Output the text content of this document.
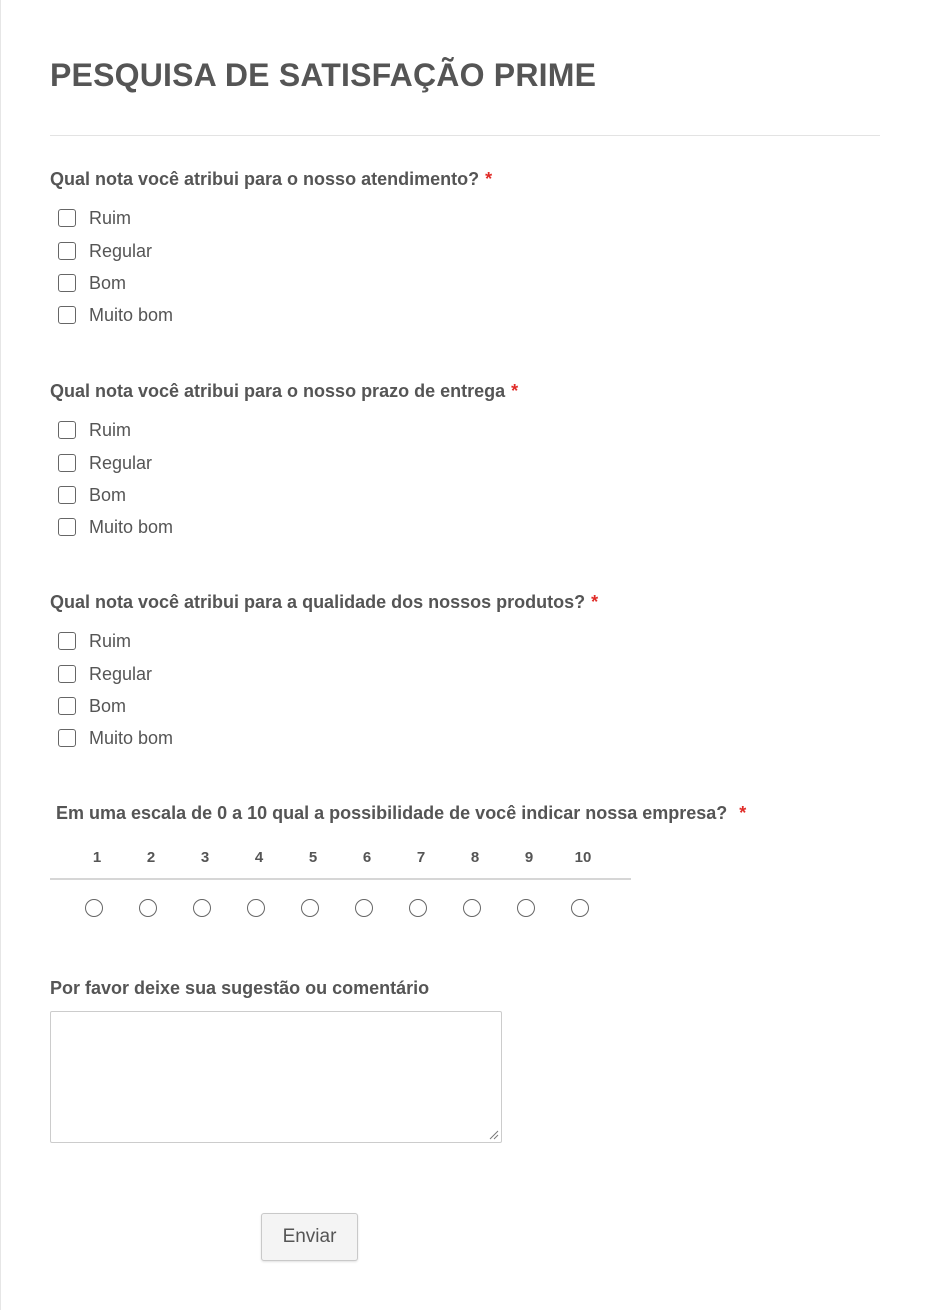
PESQUISA DE SATISFAÇÃO PRIME
Qual nota você atribui para o nosso atendimento? *
Ruim
Regular
Bom
Muito bom
Qual nota você atribui para o nosso prazo de entrega *
Ruim
Regular
Bom
Muito bom
Qual nota você atribui para a qualidade dos nossos produtos? *
Ruim
Regular
Bom
Muito bom
Em uma escala de 0 a 10 qual a possibilidade de você indicar nossa empresa? *
1	2	3	4	5	6	7	8	9	10
Por favor deixe sua sugestão ou comentário
Enviar
